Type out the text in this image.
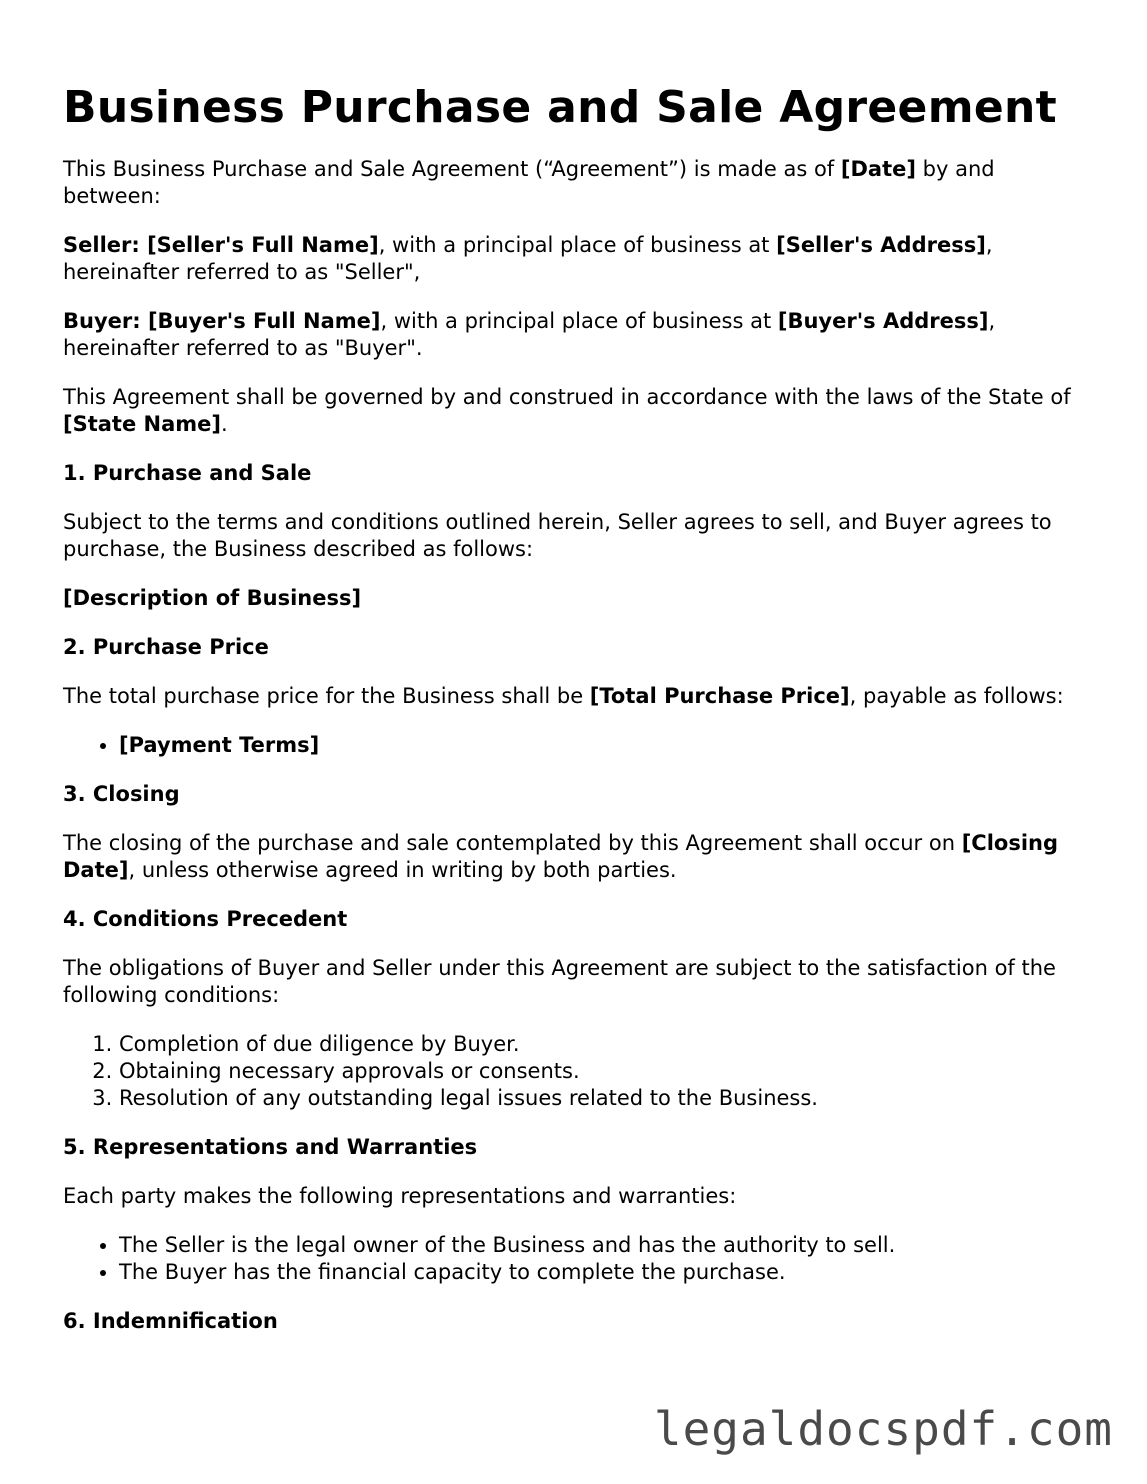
Business Purchase and Sale Agreement

This Business Purchase and Sale Agreement (“Agreement”) is made as of [Date] by and between:

Seller: [Seller's Full Name], with a principal place of business at [Seller's Address], hereinafter referred to as "Seller",

Buyer: [Buyer's Full Name], with a principal place of business at [Buyer's Address], hereinafter referred to as "Buyer".

This Agreement shall be governed by and construed in accordance with the laws of the State of [State Name].

1. Purchase and Sale

Subject to the terms and conditions outlined herein, Seller agrees to sell, and Buyer agrees to purchase, the Business described as follows:

[Description of Business]

2. Purchase Price

The total purchase price for the Business shall be [Total Purchase Price], payable as follows:

• [Payment Terms]
3. Closing

The closing of the purchase and sale contemplated by this Agreement shall occur on [Closing Date], unless otherwise agreed in writing by both parties.

4. Conditions Precedent

The obligations of Buyer and Seller under this Agreement are subject to the satisfaction of the following conditions:

1. Completion of due diligence by Buyer.
2. Obtaining necessary approvals or consents.
3. Resolution of any outstanding legal issues related to the Business.
5. Representations and Warranties

Each party makes the following representations and warranties:

• The Seller is the legal owner of the Business and has the authority to sell.
• The Buyer has the financial capacity to complete the purchase.
6. Indemnification
legaldocspdf.com
